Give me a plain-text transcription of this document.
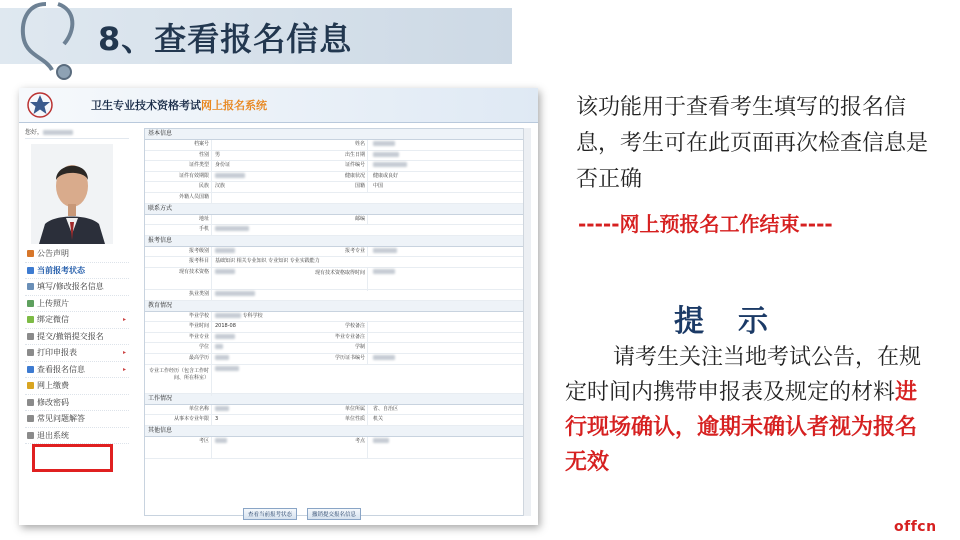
8、查看报名信息
卫生专业技术资格考试网上报名系统
您好，
公告声明
当前报考状态
填写/修改报名信息
上传照片
绑定微信	▸
提交/撤销提交报名
打印申报表	▸
查看报名信息	▸
网上缴费
修改密码
常见问题解答
退出系统
基本信息
档案号	姓名
性别	男	出生日期
证件类型	身份证	证件编号
证件有效期限	健康状况	健康或良好
民族	汉族	国籍	中国
外籍人员国籍
联系方式
地址	邮编
手机
报考信息
报考级别	报考专业
报考科目	基础知识 相关专业知识 专业知识 专业实践能力
现有技术资格	现有技术资格取得时间
执业类别
教育情况
毕业学校	专科学校
毕业时间	2018-08	学校备注
毕业专业	毕业专业备注
学位	学制
最高学历	学历证书编号
专业工作经历（包含工作时间、所在科室）
工作情况
单位名称	单位所属	省、自治区
从事本专业年限	3	单位性质	机关
其他信息
考区	考点
查看当前报考状态	撤销提交报名信息
该功能用于查看考生填写的报名信息，考生可在此页面再次检查信息是否正确
-----网上预报名工作结束----
提示
请考生关注当地考试公告，在规定时间内携带申报表及规定的材料进行现场确认，逾期未确认者视为报名无效
offcn
